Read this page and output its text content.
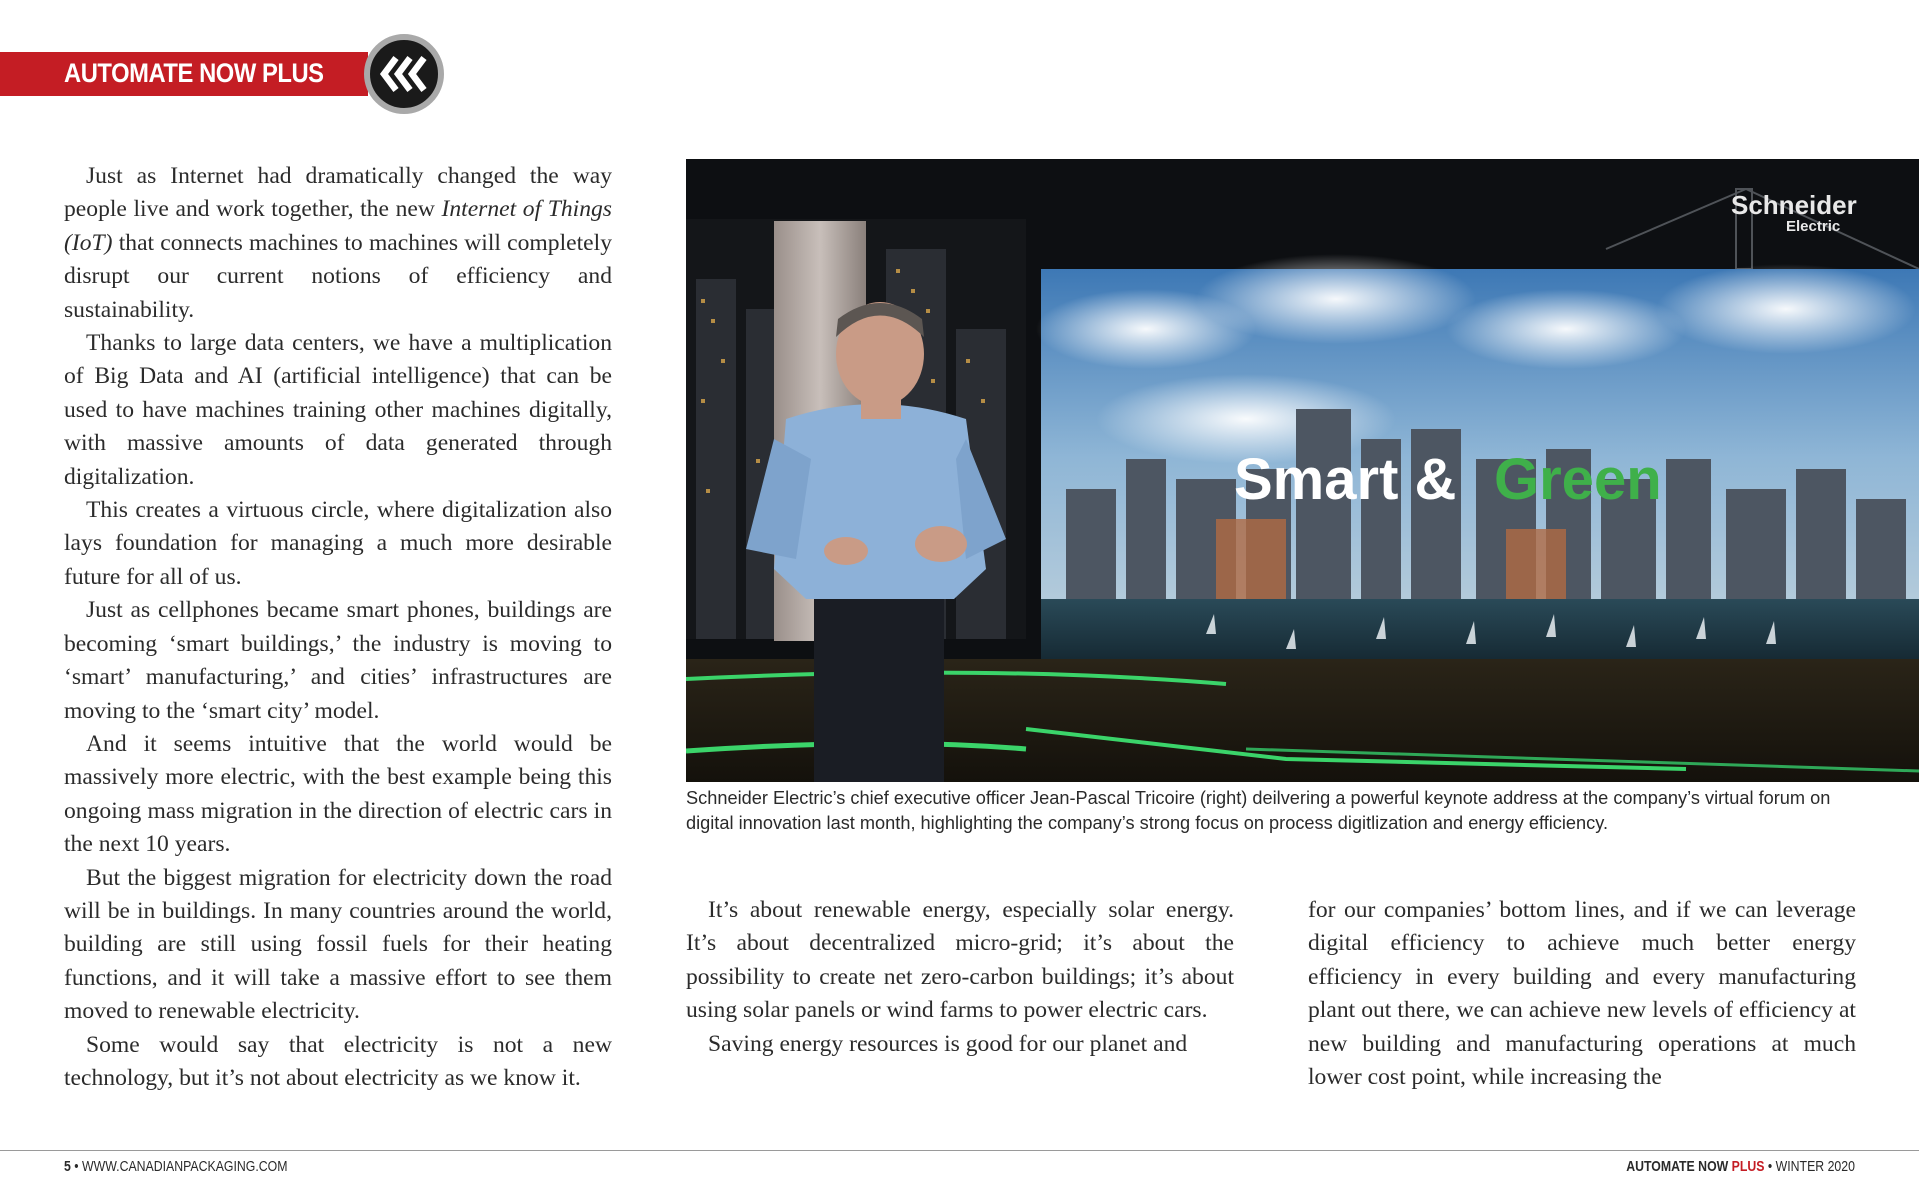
AUTOMATE NOW PLUS

Just as Internet had dramatically changed the way people live and work together, the new Internet of Things (IoT) that connects machines to machines will completely disrupt our current notions of efficiency and sustainability.

Thanks to large data centers, we have a multiplication of Big Data and AI (artificial intelligence) that can be used to have machines training other machines digitally, with massive amounts of data generated through digitalization.

This creates a virtuous circle, where digitalization also lays foundation for managing a much more desirable future for all of us.

Just as cellphones became smart phones, buildings are becoming ‘smart buildings,’ the industry is moving to ‘smart’ manufacturing,’ and cities’ infrastructures are moving to the ‘smart city’ model.

And it seems intuitive that the world would be massively more electric, with the best example being this ongoing mass migration in the direction of electric cars in the next 10 years.

But the biggest migration for electricity down the road will be in buildings. In many countries around the world, building are still using fossil fuels for their heating functions, and it will take a massive effort to see them moved to renewable electricity.

Some would say that electricity is not a new technology, but it’s not about electricity as we know it.

Smart & Green
Schneider
Electric
Schneider Electric’s chief executive officer Jean-Pascal Tricoire (right) deilvering a powerful keynote address at the company’s virtual forum on digital innovation last month, highlighting the company’s strong focus on process digitlization and energy efficiency.

It’s about renewable energy, especially solar energy. It’s about decentralized micro-grid; it’s about the possibility to create net zero-carbon buildings; it’s about using solar panels or wind farms to power electric cars.

Saving energy resources is good for our planet and

for our companies’ bottom lines, and if we can leverage digital efficiency to achieve much better energy efficiency in every building and every manufacturing plant out there, we can achieve new levels of efficiency at new building and manufacturing operations at much lower cost point, while increasing the

5 • WWW.CANADIANPACKAGING.COM	AUTOMATE NOW PLUS • WINTER 2020
